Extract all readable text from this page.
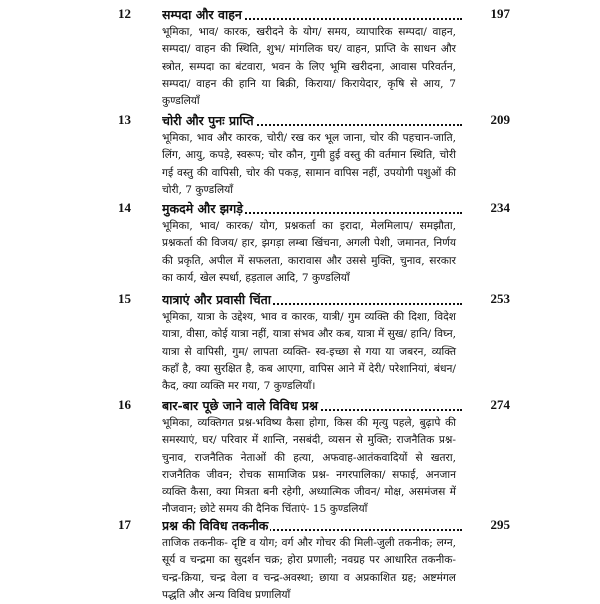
12 सम्पदा और वाहन	197
भूमिका, भाव/ कारक, खरीदने के योग/ समय, व्यापारिक सम्पदा/ वाहन, सम्पदा/ वाहन की स्थिति, शुभ/ मांगलिक घर/ वाहन, प्राप्ति के साधन और स्त्रोत, सम्पदा का बंटवारा, भवन के लिए भूमि खरीदना, आवास परिवर्तन, सम्पदा/ वाहन की हानि या बिक्री, किराया/ किरायेदार, कृषि से आय, 7 कुण्डलियाँ
13 चोरी और पुनः प्राप्ति	209
भूमिका, भाव और कारक, चोरी/ रख कर भूल जाना, चोर की पहचान-जाति, लिंग, आयु, कपड़े, स्वरूप; चोर कौन, गुमी हुई वस्तु की वर्तमान स्थिति, चोरी गई वस्तु की वापिसी, चोर की पकड़, सामान वापिस नहीं, उपयोगी पशुओं की चोरी, 7 कुण्डलियाँ
14 मुकदमे और झगड़े	234
भूमिका, भाव/ कारक/ योग, प्रश्नकर्ता का इरादा, मेलमिलाप/ समझौता, प्रश्नकर्ता की विजय/ हार, झगड़ा लम्बा खिंचना, अगली पेशी, जमानत, निर्णय की प्रकृति, अपील में सफलता, कारावास और उससे मुक्ति, चुनाव, सरकार का कार्य, खेल स्पर्धा, हड़ताल आदि, 7 कुण्डलियाँ
15 यात्राएं और प्रवासी चिंता	253
भूमिका, यात्रा के उद्देश्य, भाव व कारक, यात्री/ गुम व्यक्ति की दिशा, विदेश यात्रा, वीसा, कोई यात्रा नहीं, यात्रा संभव और कब, यात्रा में सुख/ हानि/ विघ्न, यात्रा से वापिसी, गुम/ लापता व्यक्ति- स्व-इच्छा से गया या जबरन, व्यक्ति कहाँ है, क्या सुरक्षित है, कब आएगा, वापिस आने में देरी/ परेशानियां, बंधन/ कैद, क्या व्यक्ति मर गया, 7 कुण्डलियाँ।
16 बार-बार पूछे जाने वाले विविध प्रश्न	274
भूमिका, व्यक्तिगत प्रश्न-भविष्य कैसा होगा, किस की मृत्यु पहले, बुढ़ापे की समस्याएं, घर/ परिवार में शान्ति, नसबंदी, व्यसन से मुक्ति; राजनैतिक प्रश्न- चुनाव, राजनैतिक नेताओं की हत्या, अफवाह-आतंकवादियों से खतरा, राजनैतिक जीवन; रोचक सामाजिक प्रश्न- नगरपालिका/ सफाई, अनजान व्यक्ति कैसा, क्या मित्रता बनी रहेगी, अध्यात्मिक जीवन/ मोक्ष, असमंजस में नौजवान; छोटे समय की दैनिक चिंताएं- 15 कुण्डलियाँ
17 प्रश्न की विविध तकनीक	295
ताजिक तकनीक- दृष्टि व योग; वर्ग और गोचर की मिली-जुली तकनीक; लग्न, सूर्य व चन्द्रमा का सुदर्शन चक्र; होरा प्रणाली; नवग्रह पर आधारित तकनीक- चन्द्र-क्रिया, चन्द्र वेला व चन्द्र-अवस्था; छाया व अप्रकाशित ग्रह; अष्टमंगल पद्धति और अन्य विविध प्रणालियाँ
